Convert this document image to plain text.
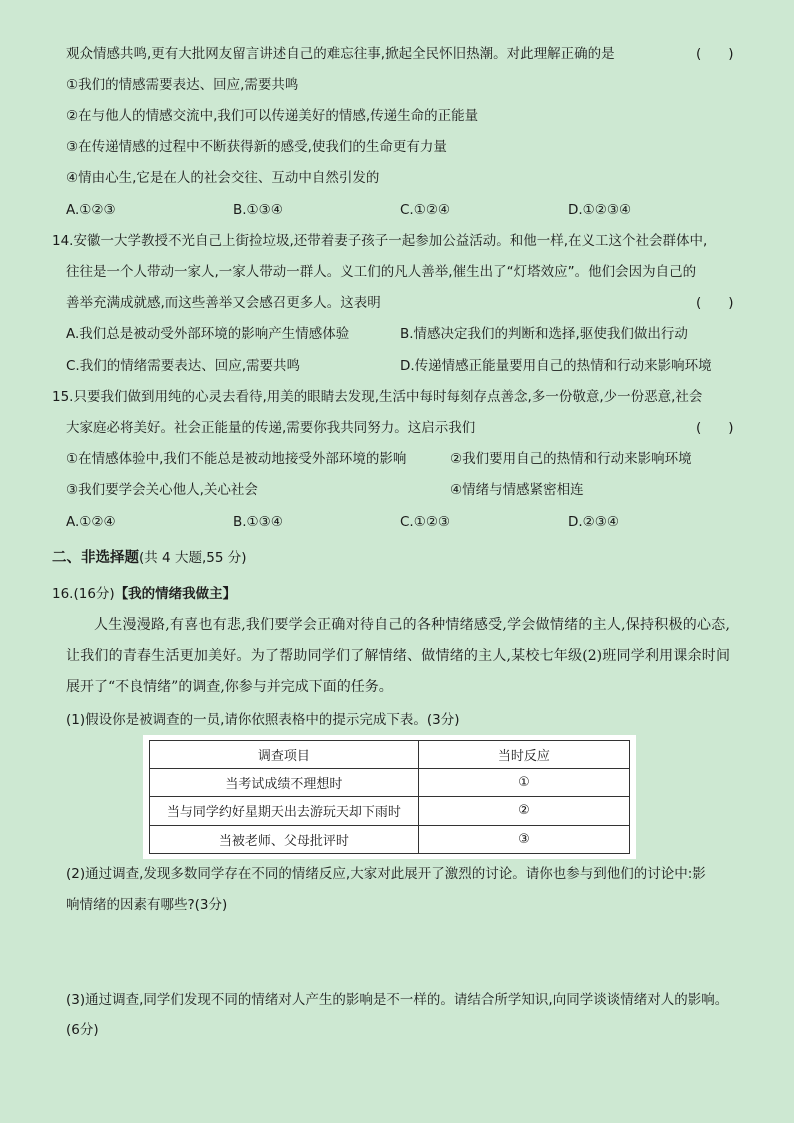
观众情感共鸣,更有大批网友留言讲述自己的难忘往事,掀起全民怀旧热潮。对此理解正确的是	(　　)
①我们的情感需要表达、回应,需要共鸣
②在与他人的情感交流中,我们可以传递美好的情感,传递生命的正能量
③在传递情感的过程中不断获得新的感受,使我们的生命更有力量
④情由心生,它是在人的社会交往、互动中自然引发的
A.①②③	B.①③④	C.①②④	D.①②③④
14.安徽一大学教授不光自己上街捡垃圾,还带着妻子孩子一起参加公益活动。和他一样,在义工这个社会群体中,
往往是一个人带动一家人,一家人带动一群人。义工们的凡人善举,催生出了“灯塔效应”。他们会因为自己的
善举充满成就感,而这些善举又会感召更多人。这表明	(　　)
A.我们总是被动受外部环境的影响产生情感体验	B.情感决定我们的判断和选择,驱使我们做出行动
C.我们的情绪需要表达、回应,需要共鸣	D.传递情感正能量要用自己的热情和行动来影响环境
15.只要我们做到用纯的心灵去看待,用美的眼睛去发现,生活中每时每刻存点善念,多一份敬意,少一份恶意,社会
大家庭必将美好。社会正能量的传递,需要你我共同努力。这启示我们	(　　)
①在情感体验中,我们不能总是被动地接受外部环境的影响	②我们要用自己的热情和行动来影响环境
③我们要学会关心他人,关心社会	④情绪与情感紧密相连
A.①②④	B.①③④	C.①②③	D.②③④
二、非选择题(共 4 大题,55 分)
16.(16分)【我的情绪我做主】
人生漫漫路,有喜也有悲,我们要学会正确对待自己的各种情绪感受,学会做情绪的主人,保持积极的心态,让我们的青春生活更加美好。为了帮助同学们了解情绪、做情绪的主人,某校七年级(2)班同学利用课余时间展开了“不良情绪”的调查,你参与并完成下面的任务。
(1)假设你是被调查的一员,请你依照表格中的提示完成下表。(3分)
调查项目	当时反应
当考试成绩不理想时	①
当与同学约好星期天出去游玩天却下雨时	②
当被老师、父母批评时	③
(2)通过调查,发现多数同学存在不同的情绪反应,大家对此展开了激烈的讨论。请你也参与到他们的讨论中:影
响情绪的因素有哪些?(3分)
(3)通过调查,同学们发现不同的情绪对人产生的影响是不一样的。请结合所学知识,向同学谈谈情绪对人的影响。
(6分)
